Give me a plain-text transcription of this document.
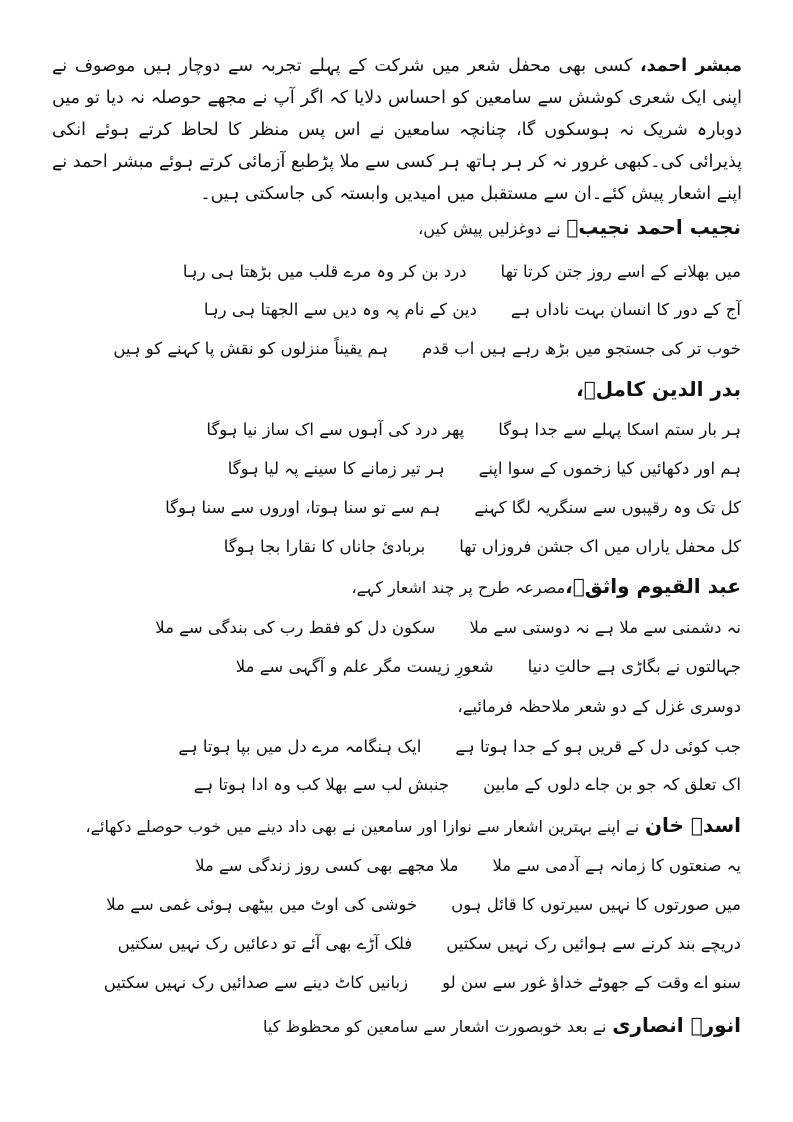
مبشر احمد، کسی بھی محفل شعر میں شرکت کے پہلے تجربہ سے دوچار ہیں موصوف نے اپنی ایک شعری کوشش سے سامعین کو احساس دلایا کہ اگر آپ نے مجھے حوصلہ نہ دیا تو میں دوبارہ شریک نہ ہوسکوں گا، چنانچہ سامعین نے اس پس منظر کا لحاظ کرتے ہوئے انکی پذیرائی کی۔کبھی غرور نہ کر ہر ہاتھ ہر کسی سے ملا پڑطبع آزمائی کرتے ہوئے مبشر احمد نے اپنے اشعار پیش کئے۔ان سے مستقبل میں امیدیں وابستہ کی جاسکتی ہیں۔

نجیب احمد نجیبؔ نے دوغزلیں پیش کیں،
میں بھلانے کے اسے روز جتن کرتا تھادرد بن کر وہ مرے قلب میں بڑھتا ہی رہا
آج کے دور کا انسان بہت ناداں ہےدین کے نام پہ وہ دیں سے الجھتا ہی رہا
خوب تر کی جستجو میں بڑھ رہے ہیں اب قدمہم یقیناً منزلوں کو نقش پا کہنے کو ہیں
بدر الدین کاملؔ،
ہر بار ستم اسکا پہلے سے جدا ہوگاپھر درد کی آہوں سے اک ساز نیا ہوگا
ہم اور دکھائیں کیا زخموں کے سوا اپنےہر تیر زمانے کا سینے پہ لیا ہوگا
کل تک وہ رقیبوں سے سنگریہ لگا کہنےہم سے تو سنا ہوتا، اوروں سے سنا ہوگا
کل محفل یاراں میں اک جشن فروزاں تھابربادیٔ جاناں کا نقارا بجا ہوگا
عبد القیوم واثقؔ،مصرعہ طرح پر چند اشعار کہے،
نہ دشمنی سے ملا ہے نہ دوستی سے ملاسکون دل کو فقط رب کی بندگی سے ملا
جہالتوں نے بگاڑی ہے حالتِ دنیاشعورِ زیست مگر علم و آگہی سے ملا
دوسری غزل کے دو شعر ملاحظہ فرمائیے،
جب کوئی دل کے قریں ہو کے جدا ہوتا ہےایک ہنگامہ مرے دل میں بپا ہوتا ہے
اک تعلق کہ جو بن جاے دلوں کے مابینجنبش لب سے بھلا کب وہ ادا ہوتا ہے
اسدؔ خان نے اپنے بہترین اشعار سے نوازا اور سامعین نے بھی داد دینے میں خوب حوصلے دکھائے،
یہ صنعتوں کا زمانہ ہے آدمی سے ملاملا مجھے بھی کسی روز زندگی سے ملا
میں صورتوں کا نہیں سیرتوں کا قائل ہوںخوشی کی اوٹ میں بیٹھی ہوئی غمی سے ملا
دریچے بند کرنے سے ہوائیں رک نہیں سکتیںفلک آڑے بھی آئے تو دعائیں رک نہیں سکتیں
سنو اے وقت کے جھوٹے خداؤ غور سے سن لوزبانیں کاٹ دینے سے صدائیں رک نہیں سکتیں
انورؔ انصاری نے بعد خوبصورت اشعار سے سامعین کو محظوظ کیا
